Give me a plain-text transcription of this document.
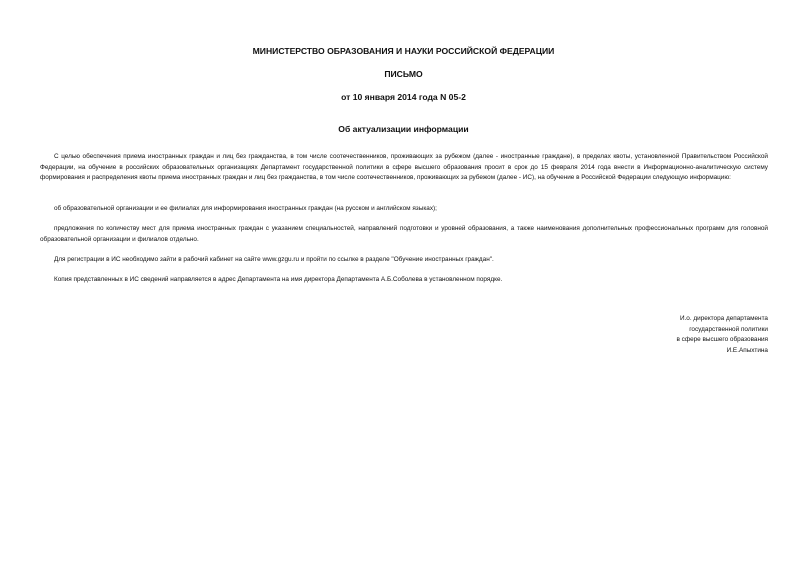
МИНИСТЕРСТВО ОБРАЗОВАНИЯ И НАУКИ РОССИЙСКОЙ ФЕДЕРАЦИИ
ПИСЬМО
от 10 января 2014 года N 05-2
Об актуализации информации

С целью обеспечения приема иностранных граждан и лиц без гражданства, в том числе соотечественников, проживающих за рубежом (далее - иностранные граждане), в пределах квоты, установленной Правительством Российской Федерации, на обучение в российских образовательных организациях Департамент государственной политики в сфере высшего образования просит в срок до 15 февраля 2014 года внести в Информационно-аналитическую систему формирования и распределения квоты приема иностранных граждан и лиц без гражданства, в том числе соотечественников, проживающих за рубежом (далее - ИС), на обучение в Российской Федерации следующую информацию:

об образовательной организации и ее филиалах для информирования иностранных граждан (на русском и английском языках);

предложения по количеству мест для приема иностранных граждан с указанием специальностей, направлений подготовки и уровней образования, а также наименования дополнительных профессиональных программ для головной образовательной организации и филиалов отдельно.

Для регистрации в ИС необходимо зайти в рабочий кабинет на сайте www.gzgu.ru и пройти по ссылке в разделе "Обучение иностранных граждан".

Копия представленных в ИС сведений направляется в адрес Департамента на имя директора Департамента А.Б.Соболева в установленном порядке.

И.о. директора департамента
государственной политики
в сфере высшего образования
И.Е.Апыхтина
